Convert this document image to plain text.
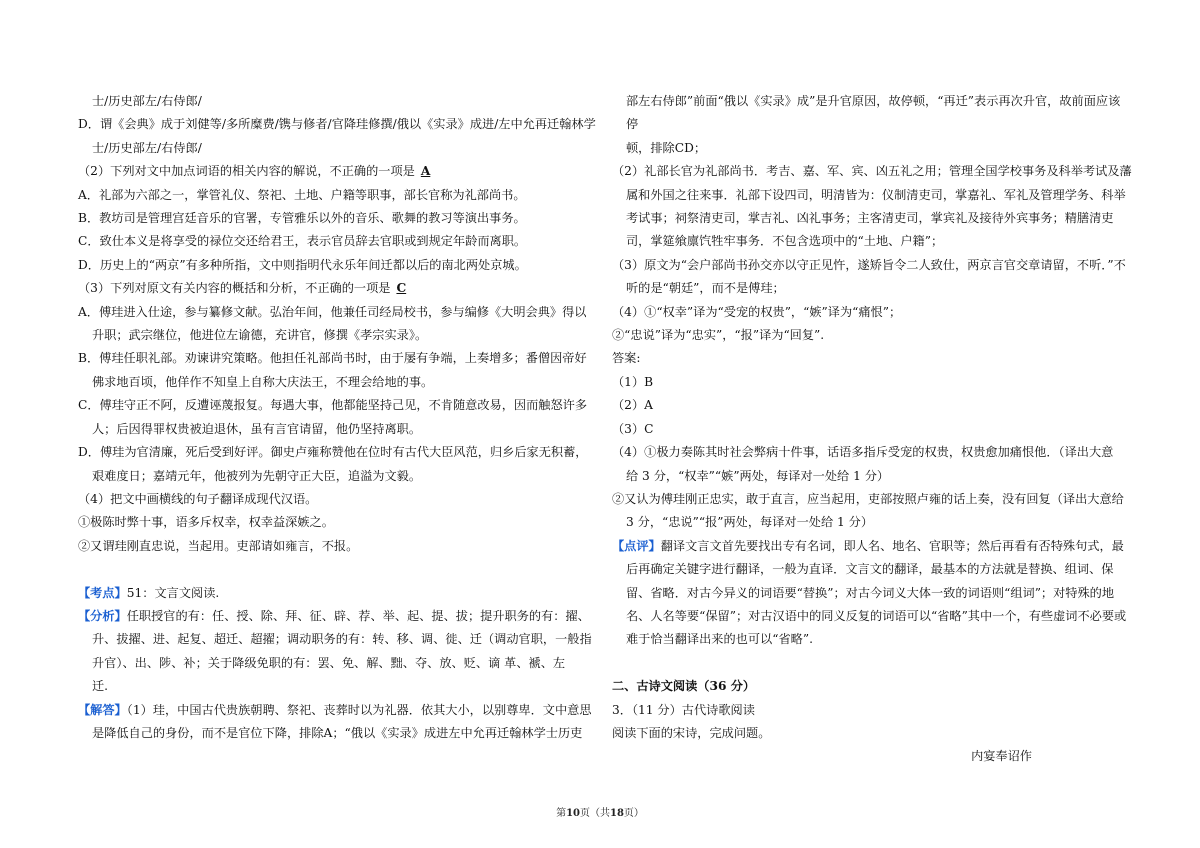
士/历史部左/右侍郎/

D．谓《会典》成于刘健等/多所糜费/镌与修者/官降珪修撰/俄以《实录》成进/左中允再迁翰林学

士/历史部左/右侍郎/

（2）下列对文中加点词语的相关内容的解说，不正确的一项是 A

A．礼部为六部之一，掌管礼仪、祭祀、土地、户籍等职事，部长官称为礼部尚书。

B．教坊司是管理宫廷音乐的官署，专管雅乐以外的音乐、歌舞的教习等演出事务。

C．致仕本义是将享受的禄位交还给君王，表示官员辞去官职或到规定年龄而离职。

D．历史上的“两京”有多种所指，文中则指明代永乐年间迁都以后的南北两处京城。

（3）下列对原文有关内容的概括和分析，不正确的一项是 C

A．傅珪进入仕途，参与纂修文献。弘治年间，他兼任司经局校书，参与编修《大明会典》得以

升职；武宗继位，他进位左谕德，充讲官，修撰《孝宗实录》。

B．傅珪任职礼部。劝谏讲究策略。他担任礼部尚书时，由于屡有争端，上奏增多；番僧因帝好

佛求地百顷，他佯作不知皇上自称大庆法王，不理会给地的事。

C．傅珪守正不阿，反遭诬蔑报复。每遇大事，他都能坚持己见，不肯随意改易，因而触怒许多

人；后因得罪权贵被迫退休，虽有言官请留，他仍坚持离职。

D．傅珪为官清廉，死后受到好评。御史卢雍称赞他在位时有古代大臣风范，归乡后家无积蓄，

艰难度日；嘉靖元年，他被列为先朝守正大臣，追溢为文毅。

（4）把文中画横线的句子翻译成现代汉语。

①极陈时弊十事，语多斥权幸，权幸益深嫉之。

②又谓珪刚直忠说，当起用。吏部请如雍言，不报。

【考点】51：文言文阅读.

【分析】任职授官的有：任、授、除、拜、征、辟、荐、举、起、提、拔；提升职务的有：擢、

升、拔擢、进、起复、超迁、超擢；调动职务的有：转、移、调、徙、迁（调动官职，一般指

升官）、出、陟、补；关于降级免职的有：罢、免、解、黜、夺、放、贬、谪 革、褫、左

迁.

【解答】（1）珪，中国古代贵族朝聘、祭祀、丧葬时以为礼器．依其大小，以别尊卑．文中意思

是降低自己的身份，而不是官位下降，排除A；“俄以《实录》成进左中允再迁翰林学士历吏

部左右侍郎”前面“俄以《实录》成”是升官原因，故停顿，“再迁”表示再次升官，故前面应该停

顿，排除CD；

（2）礼部长官为礼部尚书．考吉、嘉、军、宾、凶五礼之用；管理全国学校事务及科举考试及藩

属和外国之往来事．礼部下设四司，明清皆为：仪制清吏司，掌嘉礼、军礼及管理学务、科举

考试事；祠祭清吏司，掌吉礼、凶礼事务；主客清吏司，掌宾礼及接待外宾事务；精膳清吏

司，掌筵飨廪饩牲牢事务．不包含选项中的“土地、户籍”；

（3）原文为“会户部尚书孙交亦以守正见忤，遂矫旨令二人致仕，两京言官交章请留，不听．”不

听的是“朝廷”，而不是傅珪；

（4）①“权幸”译为“受宠的权贵”，“嫉”译为“痛恨”；

②“忠说”译为“忠实”，“报”译为“回复”.

答案:

（1）B

（2）A

（3）C

（4）①极力奏陈其时社会弊病十件事，话语多指斥受宠的权贵，权贵愈加痛恨他．（译出大意

给 3 分，“权幸”“嫉”两处，每译对一处给 1 分）

②又认为傅珪刚正忠实，敢于直言，应当起用，吏部按照卢雍的话上奏，没有回复（译出大意给

3 分，“忠说”“报”两处，每译对一处给 1 分）

【点评】翻译文言文首先要找出专有名词，即人名、地名、官职等；然后再看有否特殊句式，最

后再确定关键字进行翻译，一般为直译．文言文的翻译，最基本的方法就是替换、组词、保

留、省略．对古今异义的词语要“替换”；对古今词义大体一致的词语则“组词”；对特殊的地

名、人名等要“保留”；对古汉语中的同义反复的词语可以“省略”其中一个，有些虚词不必要或

难于恰当翻译出来的也可以“省略”.

二、古诗文阅读（36 分）

3．（11 分）古代诗歌阅读

阅读下面的宋诗，完成问题。

内宴奉诏作

第10页（共18页）
